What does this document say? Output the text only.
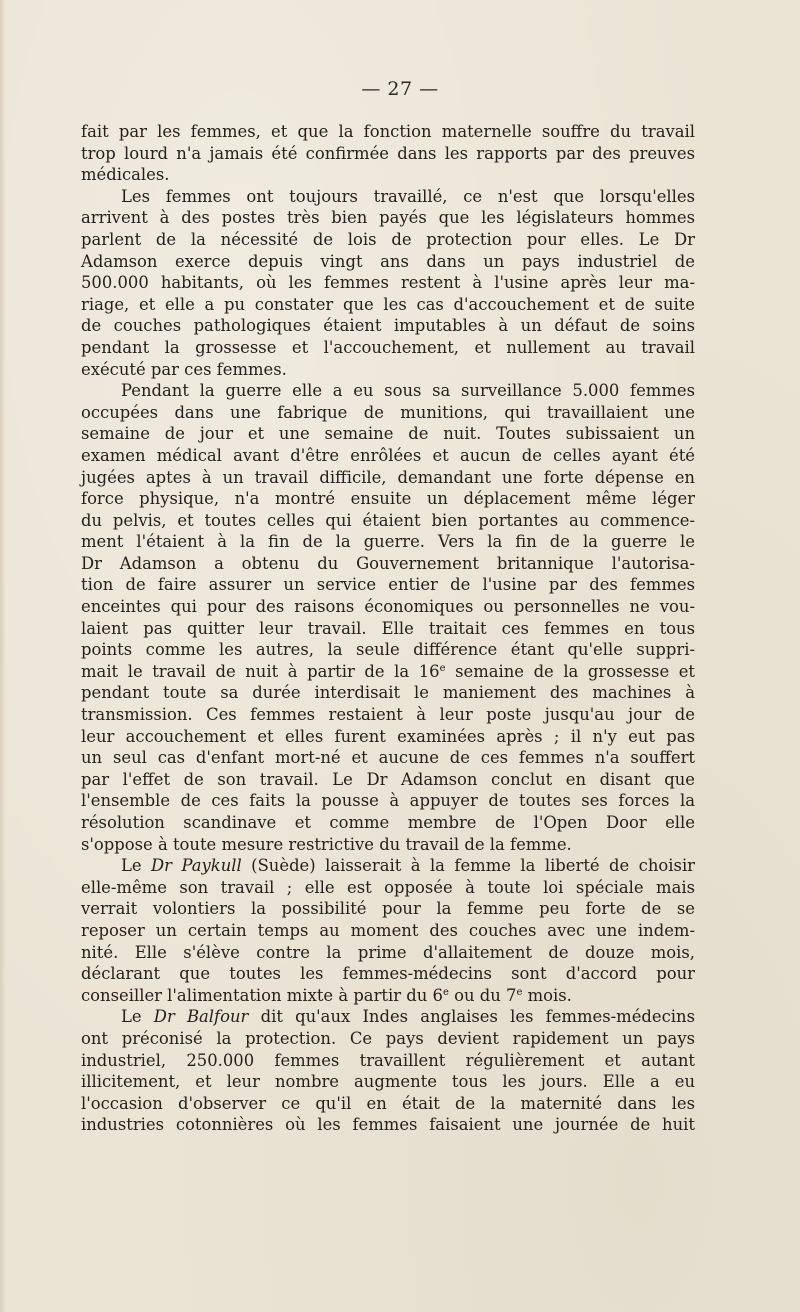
— 27 —
fait par les femmes, et que la fonction maternelle souffre du travail
trop lourd n'a jamais été confirmée dans les rapports par des preuves
médicales.
Les femmes ont toujours travaillé, ce n'est que lorsqu'elles
arrivent à des postes très bien payés que les législateurs hommes
parlent de la nécessité de lois de protection pour elles. Le Dr
Adamson exerce depuis vingt ans dans un pays industriel de
500.000 habitants, où les femmes restent à l'usine après leur ma-
riage, et elle a pu constater que les cas d'accouchement et de suite
de couches pathologiques étaient imputables à un défaut de soins
pendant la grossesse et l'accouchement, et nullement au travail
exécuté par ces femmes.
Pendant la guerre elle a eu sous sa surveillance 5.000 femmes
occupées dans une fabrique de munitions, qui travaillaient une
semaine de jour et une semaine de nuit. Toutes subissaient un
examen médical avant d'être enrôlées et aucun de celles ayant été
jugées aptes à un travail difficile, demandant une forte dépense en
force physique, n'a montré ensuite un déplacement même léger
du pelvis, et toutes celles qui étaient bien portantes au commence-
ment l'étaient à la fin de la guerre. Vers la fin de la guerre le
Dr Adamson a obtenu du Gouvernement britannique l'autorisa-
tion de faire assurer un service entier de l'usine par des femmes
enceintes qui pour des raisons économiques ou personnelles ne vou-
laient pas quitter leur travail. Elle traitait ces femmes en tous
points comme les autres, la seule différence étant qu'elle suppri-
mait le travail de nuit à partir de la 16e semaine de la grossesse et
pendant toute sa durée interdisait le maniement des machines à
transmission. Ces femmes restaient à leur poste jusqu'au jour de
leur accouchement et elles furent examinées après ; il n'y eut pas
un seul cas d'enfant mort-né et aucune de ces femmes n'a souffert
par l'effet de son travail. Le Dr Adamson conclut en disant que
l'ensemble de ces faits la pousse à appuyer de toutes ses forces la
résolution scandinave et comme membre de l'Open Door elle
s'oppose à toute mesure restrictive du travail de la femme.
Le Dr Paykull (Suède) laisserait à la femme la liberté de choisir
elle-même son travail ; elle est opposée à toute loi spéciale mais
verrait volontiers la possibilité pour la femme peu forte de se
reposer un certain temps au moment des couches avec une indem-
nité. Elle s'élève contre la prime d'allaitement de douze mois,
déclarant que toutes les femmes-médecins sont d'accord pour
conseiller l'alimentation mixte à partir du 6e ou du 7e mois.
Le Dr Balfour dit qu'aux Indes anglaises les femmes-médecins
ont préconisé la protection. Ce pays devient rapidement un pays
industriel, 250.000 femmes travaillent régulièrement et autant
illicitement, et leur nombre augmente tous les jours. Elle a eu
l'occasion d'observer ce qu'il en était de la maternité dans les
industries cotonnières où les femmes faisaient une journée de huit
